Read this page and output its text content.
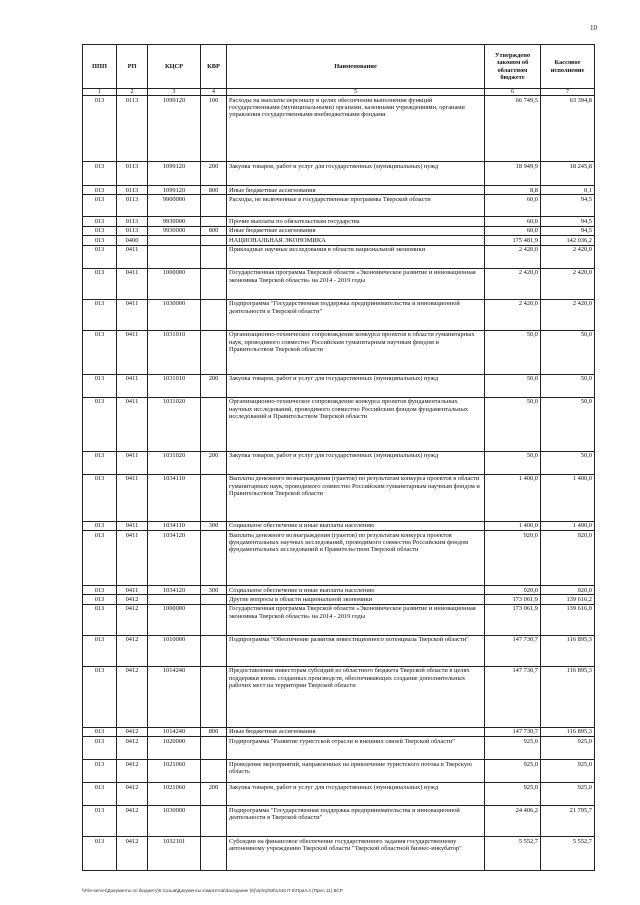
10
ППП	РП	КЦСР	КВР	Наименование	Утверждено законом об областном бюджете	Кассовое исполнение
1	2	3	4	5	6	7
013	0113	1099120	100	Расходы на выплаты персоналу в целях обеспечения выполнения функций государственными (муниципальными) органами, казенными учреждениями, органами управления государственными внебюджетными фондами	66 749,5	63 394,8
013	0113	1099120	200	Закупка товаров, работ и услуг для государственных (муниципальных) нужд	18 949,9	18 245,8
013	0113	1099120	800	Иные бюджетные ассигнования	8,8	0,1
013	0113	9900000		Расходы, не включенные в государственные программы Тверской области	60,0	94,5
013	0113	9930000		Прочие выплаты по обязательствам государства	60,0	94,5
013	0113	9930000	800	Иные бюджетные ассигнования	60,0	94,5
013	0400			НАЦИОНАЛЬНАЯ ЭКОНОМИКА	175 481,9	142 036,2
013	0411			Прикладные научные исследования в области национальной экономики	2 420,0	2 420,0
013	0411	1000000		Государственная программа Тверской области «Экономическое развитие и инновационная экономика Тверской области» на 2014 - 2019 годы	2 420,0	2 420,0
013	0411	1030000		Подпрограмма "Государственная поддержка предпринимательства и инновационной деятельности в Тверской области"	2 420,0	2 420,0
013	0411	1031010		Организационно-техническое сопровождение конкурса проектов в области гуманитарных наук, проводимого совместно Российским гуманитарным научным фондом и Правительством Тверской области	50,0	50,0
013	0411	1031010	200	Закупка товаров, работ и услуг для государственных (муниципальных) нужд	50,0	50,0
013	0411	1031020		Организационно-техническое сопровождение конкурса проектов фундаментальных научных исследований, проводимого совместно Российским фондом фундаментальных исследований и Правительством Тверской области	50,0	50,0
013	0411	1031020	200	Закупка товаров, работ и услуг для государственных (муниципальных) нужд	50,0	50,0
013	0411	1034110		Выплаты денежного вознаграждения (грантов) по результатам конкурса проектов в области гуманитарных наук, проводимого совместно Российским гуманитарным научным фондом и Правительством Тверской области	1 400,0	1 400,0
013	0411	1034110	300	Социальное обеспечение и иные выплаты населению	1 400,0	1 400,0
013	0411	1034120		Выплаты денежного вознаграждения (грантов) по результатам конкурса проектов фундаментальных научных исследований, проводимого совместно Российским фондом фундаментальных исследований и Правительством Тверской области	920,0	920,0
013	0411	1034120	300	Социальное обеспечение и иные выплаты населению	920,0	920,0
013	0412			Другие вопросы в области национальной экономики	173 061,9	139 616,2
013	0412	1000000		Государственная программа Тверской области «Экономическое развитие и инновационная экономика Тверской области» на 2014 - 2019 годы	173 061,9	139 616,0
013	0412	1010000		Подпрограмма "Обеспечение развития инвестиционного потенциала Тверской области"	147 730,7	116 895,3
013	0412	1014240		Предоставление инвесторам субсидий из областного бюджета Тверской области в целях поддержки вновь созданных производств, обеспечивающих создание дополнительных рабочих мест на территории Тверской области	147 730,7	116 895,3
013	0412	1014240	800	Иные бюджетные ассигнования	147 730,7	116 895,3
013	0412	1020000		Подпрограмма "Развитие туристской отрасли и внешних связей Тверской области"	925,0	925,0
013	0412	1021060		Проведение мероприятий, направленных на привлечение туристского потока в Тверскую область	925,0	925,0
013	0412	1021060	200	Закупка товаров, работ и услуг для государственных (муниципальных) нужд	925,0	925,0
013	0412	1030000		Подпрограмма "Государственная поддержка предпринимательства и инновационной деятельности в Тверской области"	24 406,2	21 795,7
013	0412	1032101		Субсидии на финансовое обеспечение государственного задания государственному автономному учреждению Тверской области "Тверской областной бизнес-инкубатор"	5 552,7	5 552,7
\\File-server\Документы по бюджету\5 Созыв\Документы комитетов\Заседание (6)\пр\пр\56\1446 П-5\Прил.4 (Прил 11) ВСР
